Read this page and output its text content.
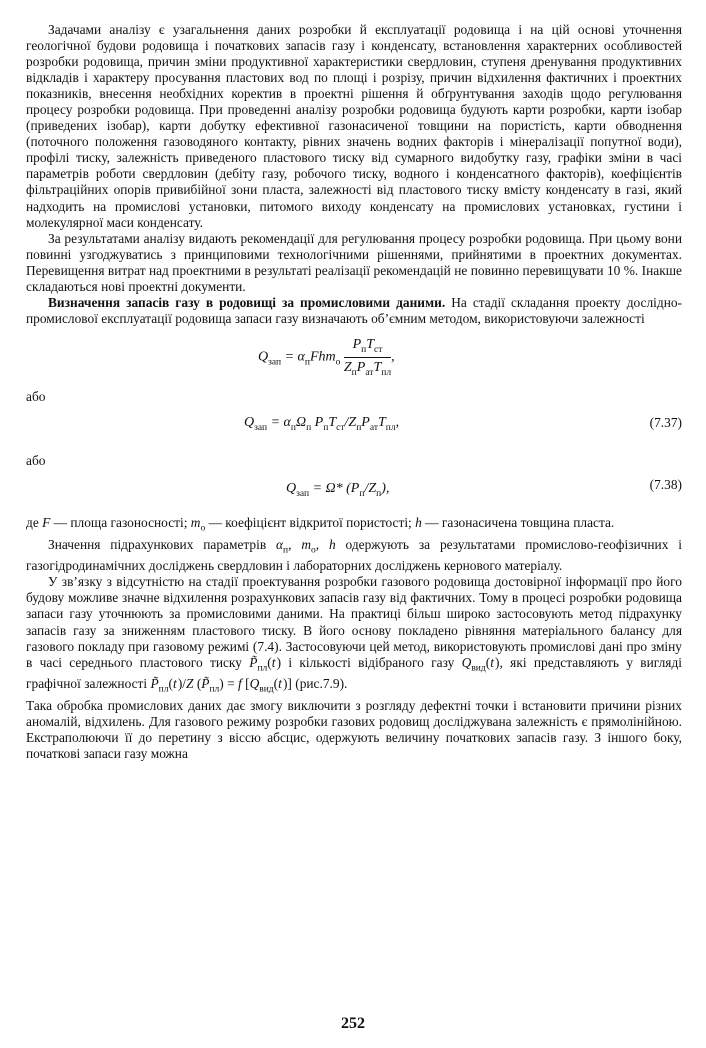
Задачами аналізу є узагальнення даних розробки й експлуатації родовища і на цій основі уточнення геологічної будови родовища і початкових запасів газу і конденсату, встановлення характерних особливостей розробки родовища, причин зміни продуктивної характеристики свердловин, ступеня дренування продуктивних відкладів і характеру просування пластових вод по площі і розрізу, причин відхилення фактичних і проектних показників, внесення необхідних коректив в проектні рішення й обґрунтування заходів щодо регулювання процесу розробки родовища. При проведенні аналізу розробки родовища будують карти розробки, карти ізобар (приведених ізобар), карти добутку ефективної газонасиченої товщини на пористість, карти обводнення (поточного положення газоводяного контакту, рівних значень водних факторів і мінералізації попутної води), профілі тиску, залежність приведеного пластового тиску від сумарного видобутку газу, графіки зміни в часі параметрів роботи свердловин (дебіту газу, робочого тиску, водного і конденсатного факторів), коефіцієнтів фільтраційних опорів привибійної зони пласта, залежності від пластового тиску вмісту конденсату в газі, який надходить на промислові установки, питомого виходу конденсату на промислових установках, густини і молекулярної маси конденсату.

За результатами аналізу видають рекомендації для регулювання процесу розробки родовища. При цьому вони повинні узгоджуватись з принциповими технологічними рішеннями, прийнятими в проектних документах. Перевищення витрат над проектними в результаті реалізації рекомендацій не повинно перевищувати 10 %. Інакше складаються нові проектні документи.

Визначення запасів газу в родовищі за промисловими даними. На стадії складання проекту дослідно-промислової експлуатації родовища запаси газу визначають об’ємним методом, використовуючи залежності

$Q_{зап} = \alpha_пFhm_о \frac{P_пT_{ст}}{Z_пP_{ат}T_{пл}}$ ,
або
$Q_{зап} = \alpha_п\Omega_п$ $P_пT_{ст}/Z_пP_{ат}T_{пл}$,	(7.37)
або
$Q_{зап} = \Omega*$ $(P_п/Z_п)$,	(7.38)

де F — площа газоносності; $m_о$ — коефіцієнт відкритої пористості; h — газонасичена товщина пласта.

Значення підрахункових параметрів $\alpha_п$, $m_о$, h одержують за результатами промислово-геофізичних і газогідродинамічних досліджень свердловин і лабораторних досліджень кернового матеріалу.

У зв’язку з відсутністю на стадії проектування розробки газового родовища достовірної інформації про його будову можливе значне відхилення розрахункових запасів газу від фактичних. Тому в процесі розробки родовища запаси газу уточнюють за промисловими даними. На практиці більш широко застосовують метод підрахунку запасів газу за зниженням пластового тиску. В його основу покладено рівняння матеріального балансу для газового покладу при газовому режимі (7.4). Застосовуючи цей метод, використовують промислові дані про зміну в часі середнього пластового тиску $P̃_{пл}(t$ ) і кількості відібраного газу $Q_{вид}(t$ ), які представляють у вигляді графічної залежності $P̃_{пл}(t$ )/Z $(P̃_{пл}) = f$ [$Q_{вид}(t$ )] (рис.7.9).

Така обробка промислових даних дає змогу виключити з розгляду дефектні точки і встановити причини різних аномалій, відхилень. Для газового режиму розробки газових родовищ досліджувана залежність є прямолінійною. Екстраполюючи її до перетину з віссю абсцис, одержують величину початкових запасів газу. З іншого боку, початкові запаси газу можна

252
